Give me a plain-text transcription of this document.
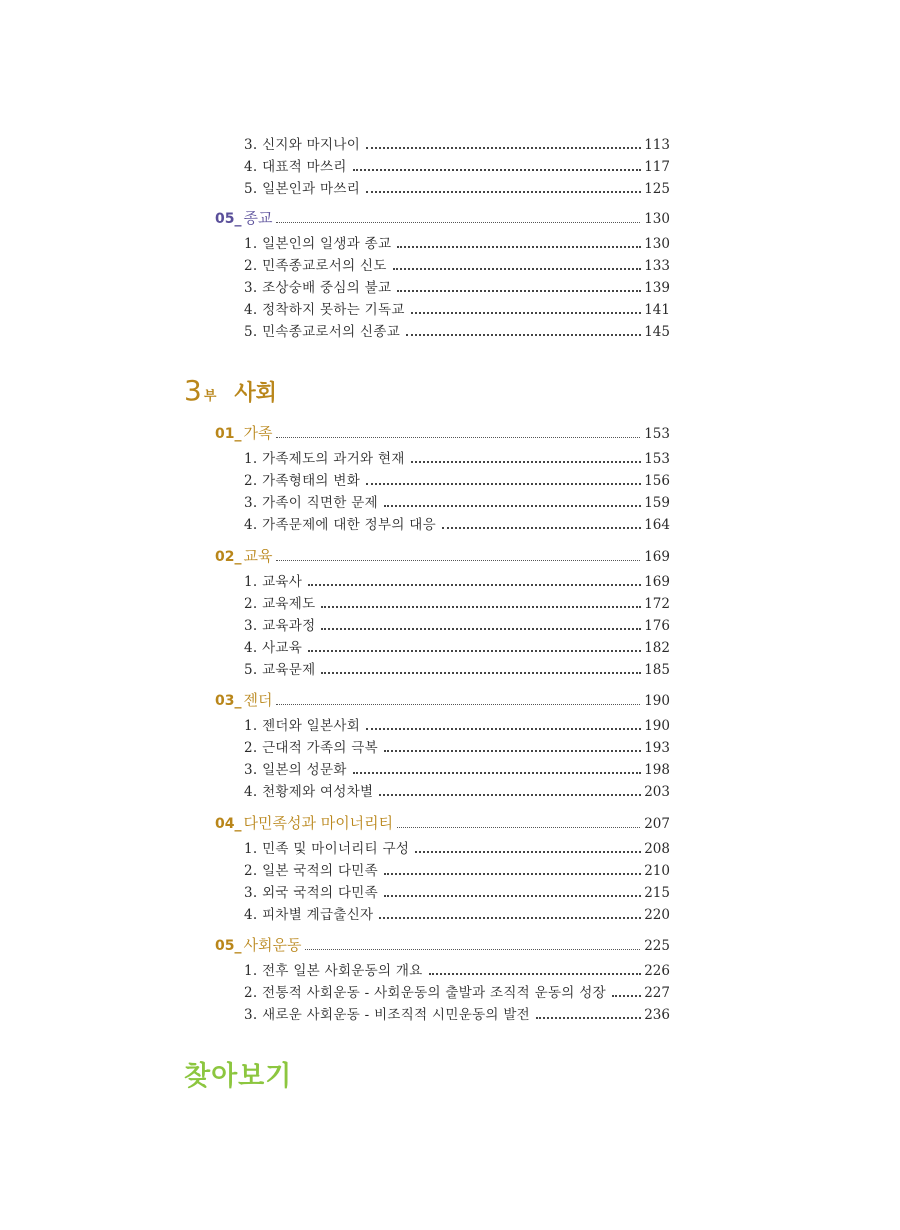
3. 신지와 마지나이	113
4. 대표적 마쓰리	117
5. 일본인과 마쓰리	125
05_ 종교	130
1. 일본인의 일생과 종교	130
2. 민족종교로서의 신도	133
3. 조상숭배 중심의 불교	139
4. 정착하지 못하는 기독교	141
5. 민속종교로서의 신종교	145
3 부 사회
01_ 가족	153
1. 가족제도의 과거와 현재	153
2. 가족형태의 변화	156
3. 가족이 직면한 문제	159
4. 가족문제에 대한 정부의 대응	164
02_ 교육	169
1. 교육사	169
2. 교육제도	172
3. 교육과정	176
4. 사교육	182
5. 교육문제	185
03_ 젠더	190
1. 젠더와 일본사회	190
2. 근대적 가족의 극복	193
3. 일본의 성문화	198
4. 천황제와 여성차별	203
04_ 다민족성과 마이너리티	207
1. 민족 및 마이너리티 구성	208
2. 일본 국적의 다민족	210
3. 외국 국적의 다민족	215
4. 피차별 계급출신자	220
05_ 사회운동	225
1. 전후 일본 사회운동의 개요	226
2. 전통적 사회운동 - 사회운동의 출발과 조직적 운동의 성장	227
3. 새로운 사회운동 - 비조직적 시민운동의 발전	236
찾아보기
